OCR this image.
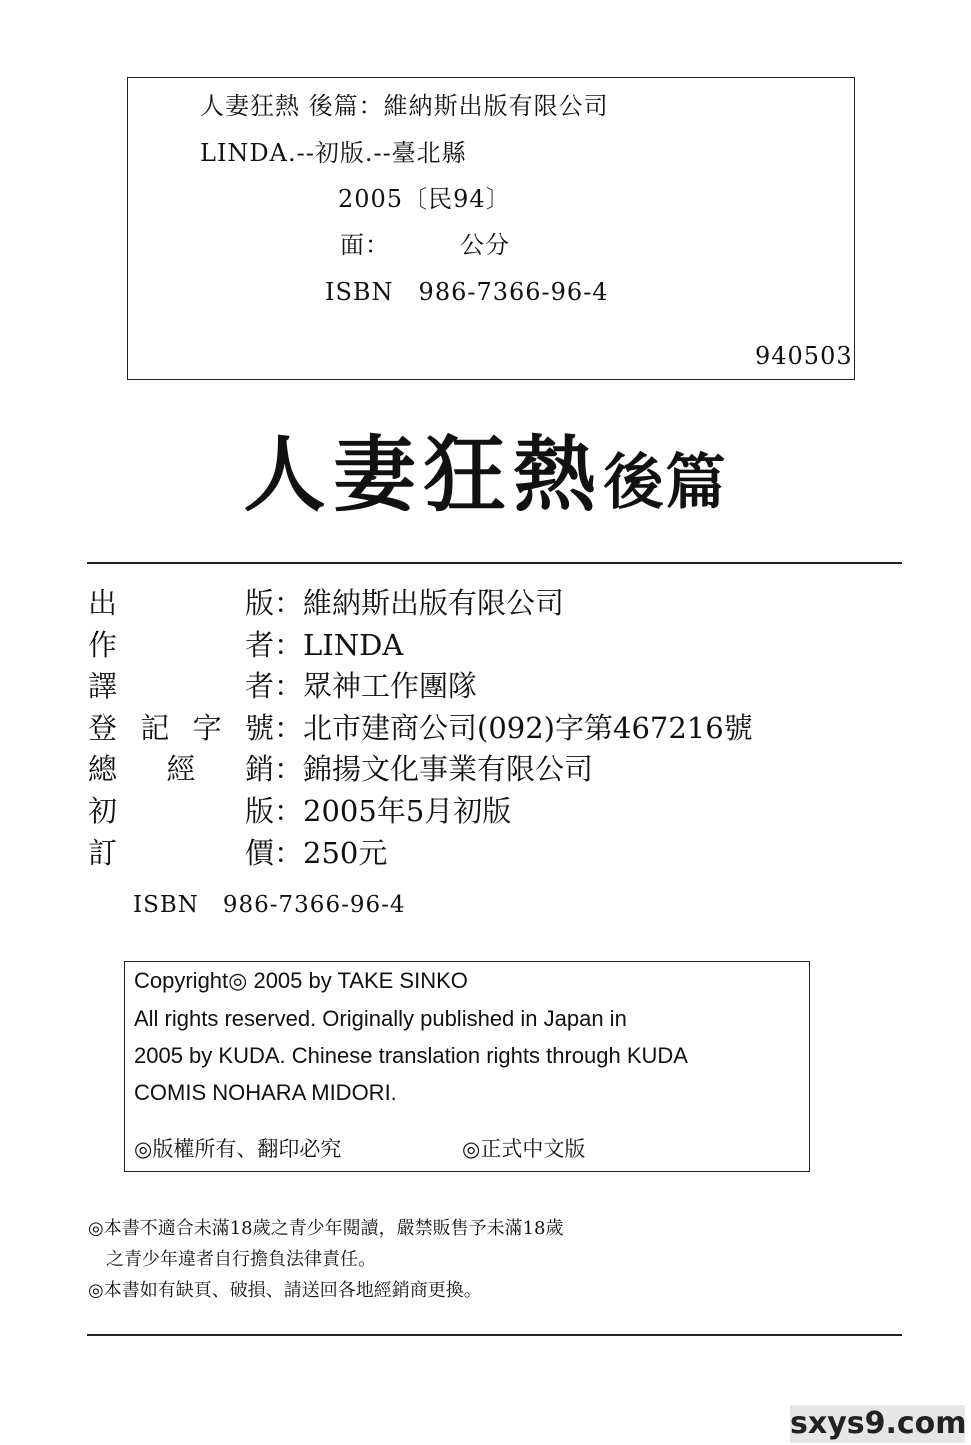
人妻狂熱 後篇：維納斯出版有限公司
LINDA.--初版.--臺北縣
2005〔民94〕
面：	公分
ISBN　986-7366-96-4
940503
人妻狂熱後篇
出版：維納斯出版有限公司
作者：LINDA
譯者：眾神工作團隊
登記字號：北市建商公司(092)字第467216號
總經銷：錦揚文化事業有限公司
初版：2005年5月初版
訂價：250元
ISBN　986-7366-96-4
Copyright◎ 2005 by TAKE SINKO
All rights reserved. Originally published in Japan in
2005 by KUDA. Chinese translation rights through KUDA
COMIS NOHARA MIDORI.
◎版權所有、翻印必究	◎正式中文版
◎本書不適合未滿18歲之青少年閱讀，嚴禁販售予未滿18歲
之青少年違者自行擔負法律責任。
◎本書如有缺頁、破損、請送回各地經銷商更換。
sxys9.com
